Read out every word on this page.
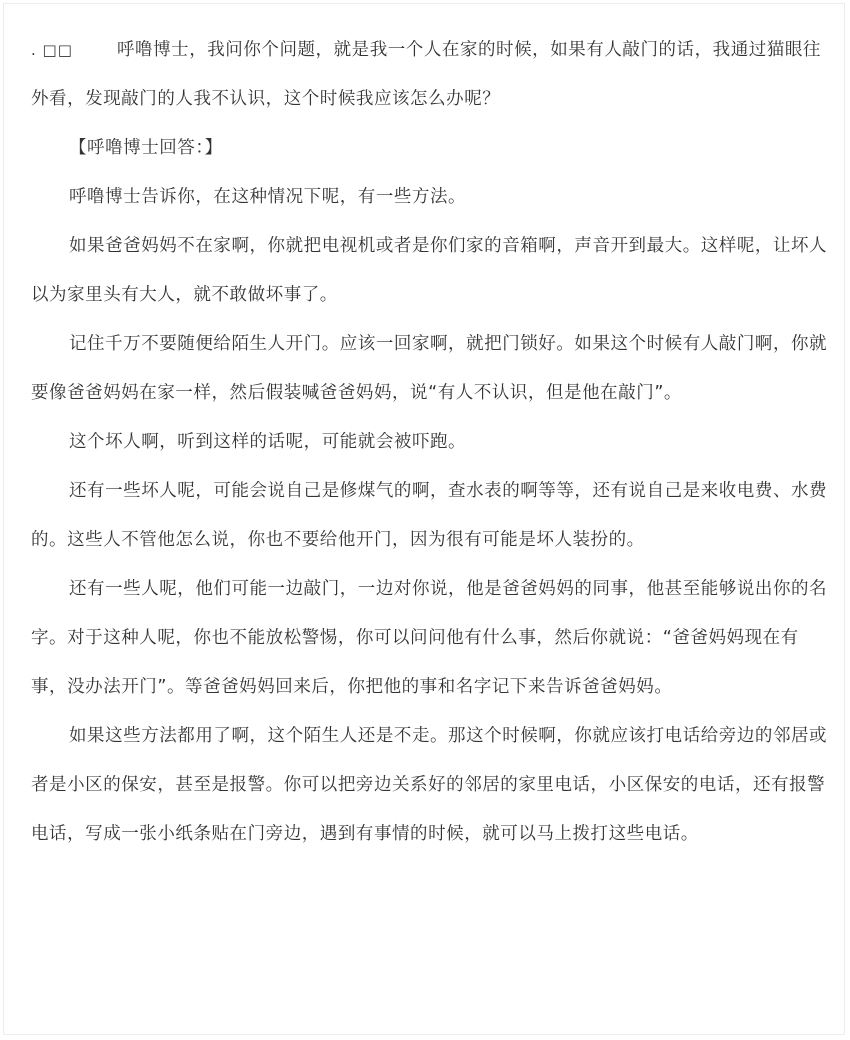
. □□	呼噜博士，我问你个问题，就是我一个人在家的时候，如果有人敲门的话，我通过猫眼往外看，发现敲门的人我不认识，这个时候我应该怎么办呢？

【呼噜博士回答：】

呼噜博士告诉你，在这种情况下呢，有一些方法。

如果爸爸妈妈不在家啊，你就把电视机或者是你们家的音箱啊，声音开到最大。这样呢，让坏人以为家里头有大人，就不敢做坏事了。

记住千万不要随便给陌生人开门。应该一回家啊，就把门锁好。如果这个时候有人敲门啊，你就要像爸爸妈妈在家一样，然后假装喊爸爸妈妈，说“有人不认识，但是他在敲门”。

这个坏人啊，听到这样的话呢，可能就会被吓跑。

还有一些坏人呢，可能会说自己是修煤气的啊，查水表的啊等等，还有说自己是来收电费、水费的。这些人不管他怎么说，你也不要给他开门，因为很有可能是坏人装扮的。

还有一些人呢，他们可能一边敲门，一边对你说，他是爸爸妈妈的同事，他甚至能够说出你的名字。对于这种人呢，你也不能放松警惕，你可以问问他有什么事，然后你就说：“爸爸妈妈现在有事，没办法开门”。等爸爸妈妈回来后，你把他的事和名字记下来告诉爸爸妈妈。

如果这些方法都用了啊，这个陌生人还是不走。那这个时候啊，你就应该打电话给旁边的邻居或者是小区的保安，甚至是报警。你可以把旁边关系好的邻居的家里电话，小区保安的电话，还有报警电话，写成一张小纸条贴在门旁边，遇到有事情的时候，就可以马上拨打这些电话。
